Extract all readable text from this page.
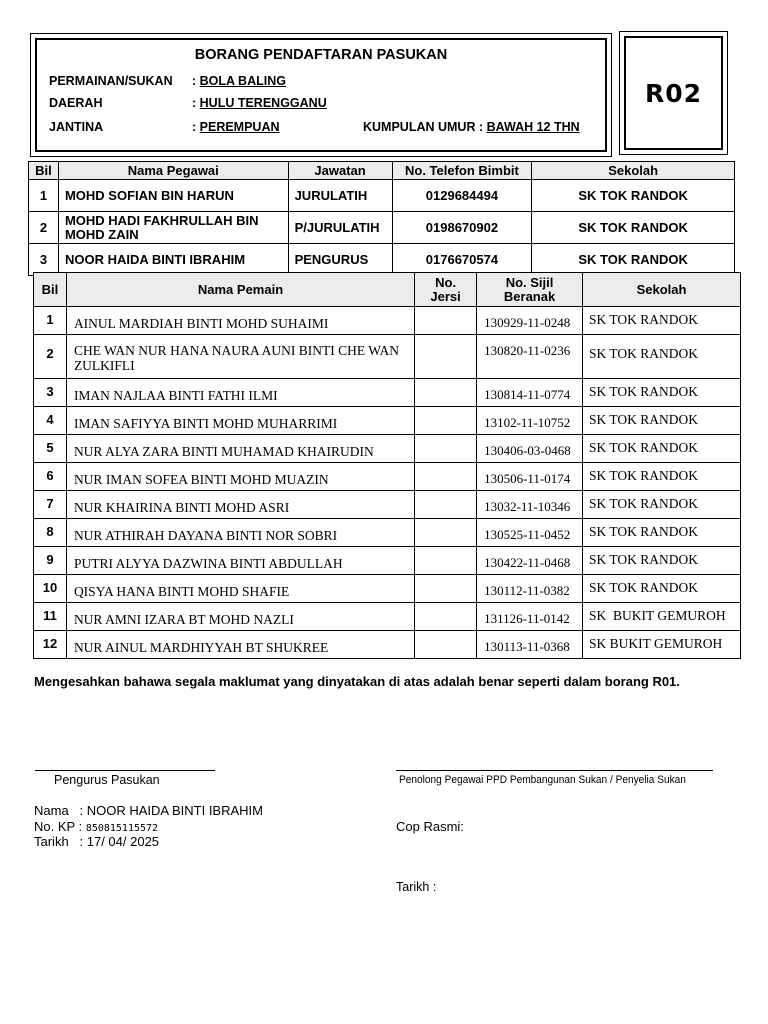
BORANG PENDAFTARAN PASUKAN
PERMAINAN/SUKAN : BOLA BALING
DAERAH	: HULU TERENGGANU
JANTINA	: PEREMPUAN	KUMPULAN UMUR : BAWAH 12 THN
R02
Bil	Nama Pegawai	Jawatan	No. Telefon Bimbit	Sekolah
1	MOHD SOFIAN BIN HARUN	JURULATIH	0129684494	SK TOK RANDOK
2	MOHD HADI FAKHRULLAH BIN MOHD ZAIN	P/JURULATIH	0198670902	SK TOK RANDOK
3	NOOR HAIDA BINTI IBRAHIM	PENGURUS	0176670574	SK TOK RANDOK
Bil	Nama Pemain	No. Jersi	No. Sijil Beranak	Sekolah
1	AINUL MARDIAH BINTI MOHD SUHAIMI		130929-11-0248	SK TOK RANDOK
2	CHE WAN NUR HANA NAURA AUNI BINTI CHE WAN ZULKIFLI		130820-11-0236	SK TOK RANDOK
3	IMAN NAJLAA BINTI FATHI ILMI		130814-11-0774	SK TOK RANDOK
4	IMAN SAFIYYA BINTI MOHD MUHARRIMI		13102-11-10752	SK TOK RANDOK
5	NUR ALYA ZARA BINTI MUHAMAD KHAIRUDIN		130406-03-0468	SK TOK RANDOK
6	NUR IMAN SOFEA BINTI MOHD MUAZIN		130506-11-0174	SK TOK RANDOK
7	NUR KHAIRINA BINTI MOHD ASRI		13032-11-10346	SK TOK RANDOK
8	NUR ATHIRAH DAYANA BINTI NOR SOBRI		130525-11-0452	SK TOK RANDOK
9	PUTRI ALYYA DAZWINA BINTI ABDULLAH		130422-11-0468	SK TOK RANDOK
10	QISYA HANA BINTI MOHD SHAFIE		130112-11-0382	SK TOK RANDOK
11	NUR AMNI IZARA BT MOHD NAZLI		131126-11-0142	SK  BUKIT GEMUROH
12	NUR AINUL MARDHIYYAH BT SHUKREE		130113-11-0368	SK BUKIT GEMUROH
Mengesahkan bahawa segala maklumat yang dinyatakan di atas adalah benar seperti dalam borang R01.
Pengurus Pasukan	Penolong Pegawai PPD Pembangunan Sukan / Penyelia Sukan
Nama   : NOOR HAIDA BINTI IBRAHIM
No. KP : 850815115572
Tarikh   : 17/ 04/ 2025
Cop Rasmi:
Tarikh :
